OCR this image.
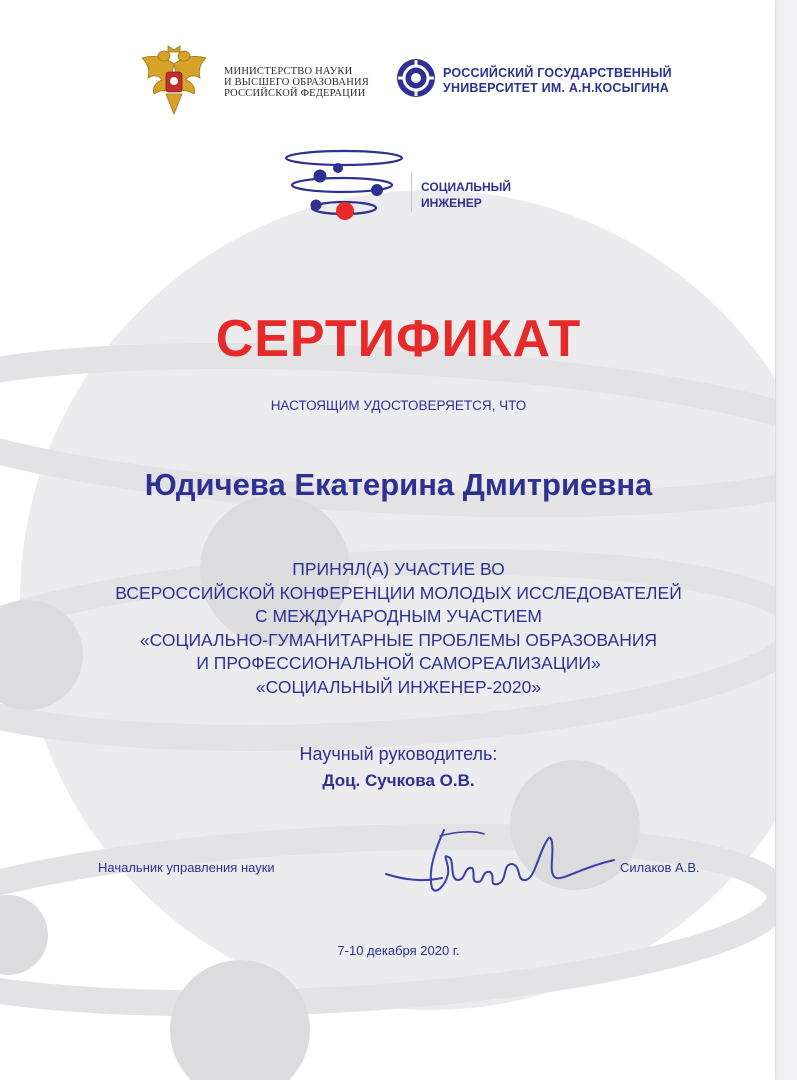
МИНИСТЕРСТВО НАУКИ
И ВЫСШЕГО ОБРАЗОВАНИЯ
РОССИЙСКОЙ ФЕДЕРАЦИИ
РОССИЙСКИЙ ГОСУДАРСТВЕННЫЙ
УНИВЕРСИТЕТ ИМ. А.Н.КОСЫГИНА
СОЦИАЛЬНЫЙ
ИНЖЕНЕР
СЕРТИФИКАТ
НАСТОЯЩИМ УДОСТОВЕРЯЕТСЯ, ЧТО
Юдичева Екатерина Дмитриевна
ПРИНЯЛ(А) УЧАСТИЕ ВО
ВСЕРОССИЙСКОЙ КОНФЕРЕНЦИИ МОЛОДЫХ ИССЛЕДОВАТЕЛЕЙ
С МЕЖДУНАРОДНЫМ УЧАСТИЕМ
«СОЦИАЛЬНО-ГУМАНИТАРНЫЕ ПРОБЛЕМЫ ОБРАЗОВАНИЯ
И ПРОФЕССИОНАЛЬНОЙ САМОРЕАЛИЗАЦИИ»
«СОЦИАЛЬНЫЙ ИНЖЕНЕР-2020»
Научный руководитель:
Доц. Сучкова О.В.
Начальник управления науки	Силаков А.В.
7-10 декабря 2020 г.
